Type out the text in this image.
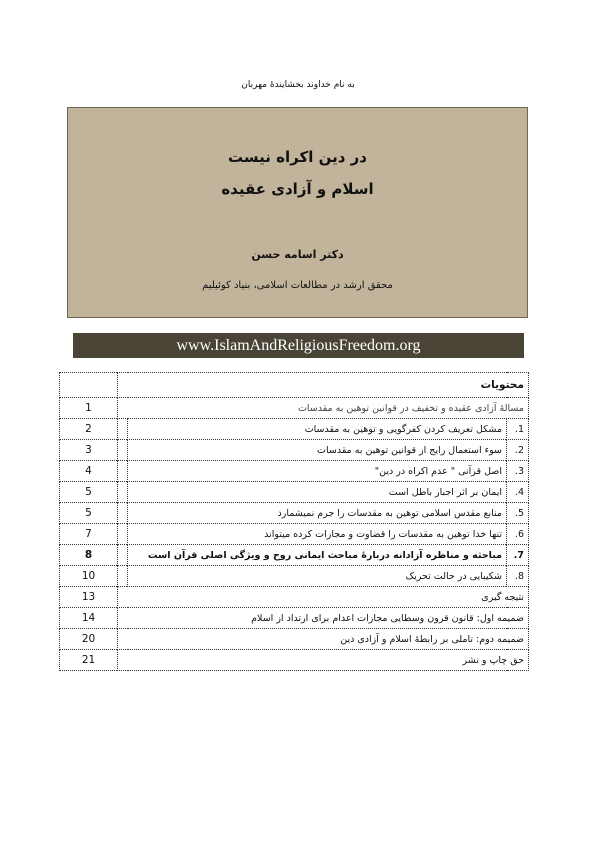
به نام خداوند بخشایندۀ مهربان
در دین اکراه نیست
اسلام و آزادی عقیده
دکتر اسامه حسن
محقق ارشد در مطالعات اسلامی، بنیاد کوئیلیم
www.IslamAndReligiousFreedom.org
محتویات			
مسالۀ آزادی عقیده و تخفیف در قوانین توهین به مقدسات			1
1.	مشکل تعریف کردن کفرگویی و توهین به مقدسات		2
2.	سوء استعمال رایج از قوانین توهین به مقدسات		3
3.	اصل قرآنی " عدم اکراه در دین"		4
4.	ایمان بر اثر اجبار باطل است		5
5.	منابع مقدس اسلامی توهین به مقدسات را جرم نمیشمارد		5
6.	تنها خدا توهین به مقدسات را قضاوت و مجازات کرده میتواند		7
7.	مباحثه و مناظره آزادانه دربارۀ مباحث ایمانی روح و ویژگی اصلی قرآن است		8
8.	شکیبایی در حالت تحریک		10
نتیجه گیری			13
ضمیمه اول: قانون قرون وسطایی مجازات اعدام برای ارتداد از اسلام			14
ضمیمه دوم: تاملی بر رابطۀ اسلام و آزادی دین			20
حق چاپ و نشر			21
